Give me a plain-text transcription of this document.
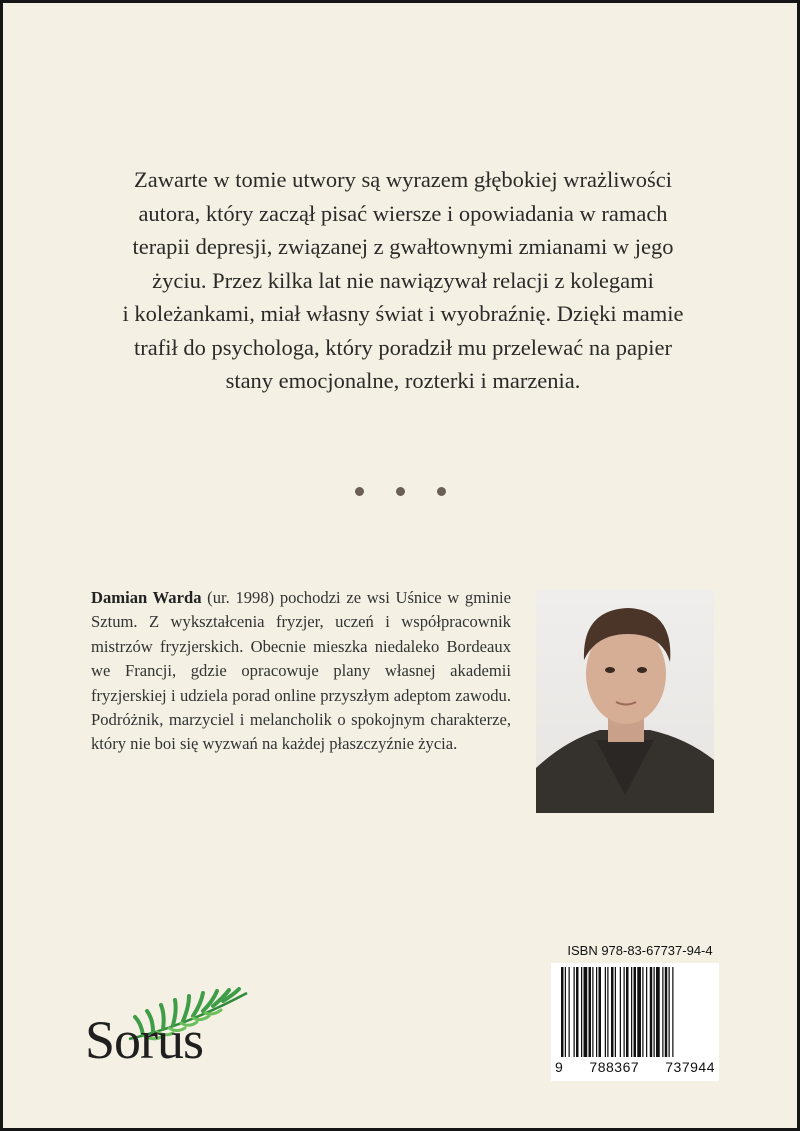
Zawarte w tomie utwory są wyrazem głębokiej wrażliwości
autora, który zaczął pisać wiersze i opowiadania w ramach
terapii depresji, związanej z gwałtownymi zmianami w jego
życiu. Przez kilka lat nie nawiązywał relacji z kolegami
i koleżankami, miał własny świat i wyobraźnię. Dzięki mamie
trafił do psychologa, który poradził mu przelewać na papier
stany emocjonalne, rozterki i marzenia.

Damian Warda (ur. 1998) pochodzi ze wsi Uśnice w gminie Sztum. Z wykształcenia fryzjer, uczeń i współpracownik mistrzów fryzjerskich. Obecnie mieszka niedaleko Bordeaux we Francji, gdzie opracowuje plany własnej akademii fryzjerskiej i udziela porad online przyszłym adeptom zawodu. Podróżnik, marzyciel i melancholik o spokojnym charakterze, który nie boi się wyzwań na każdej płaszczyźnie życia.

ISBN 978-83-67737-94-4
9 788367 737944
Sorus
